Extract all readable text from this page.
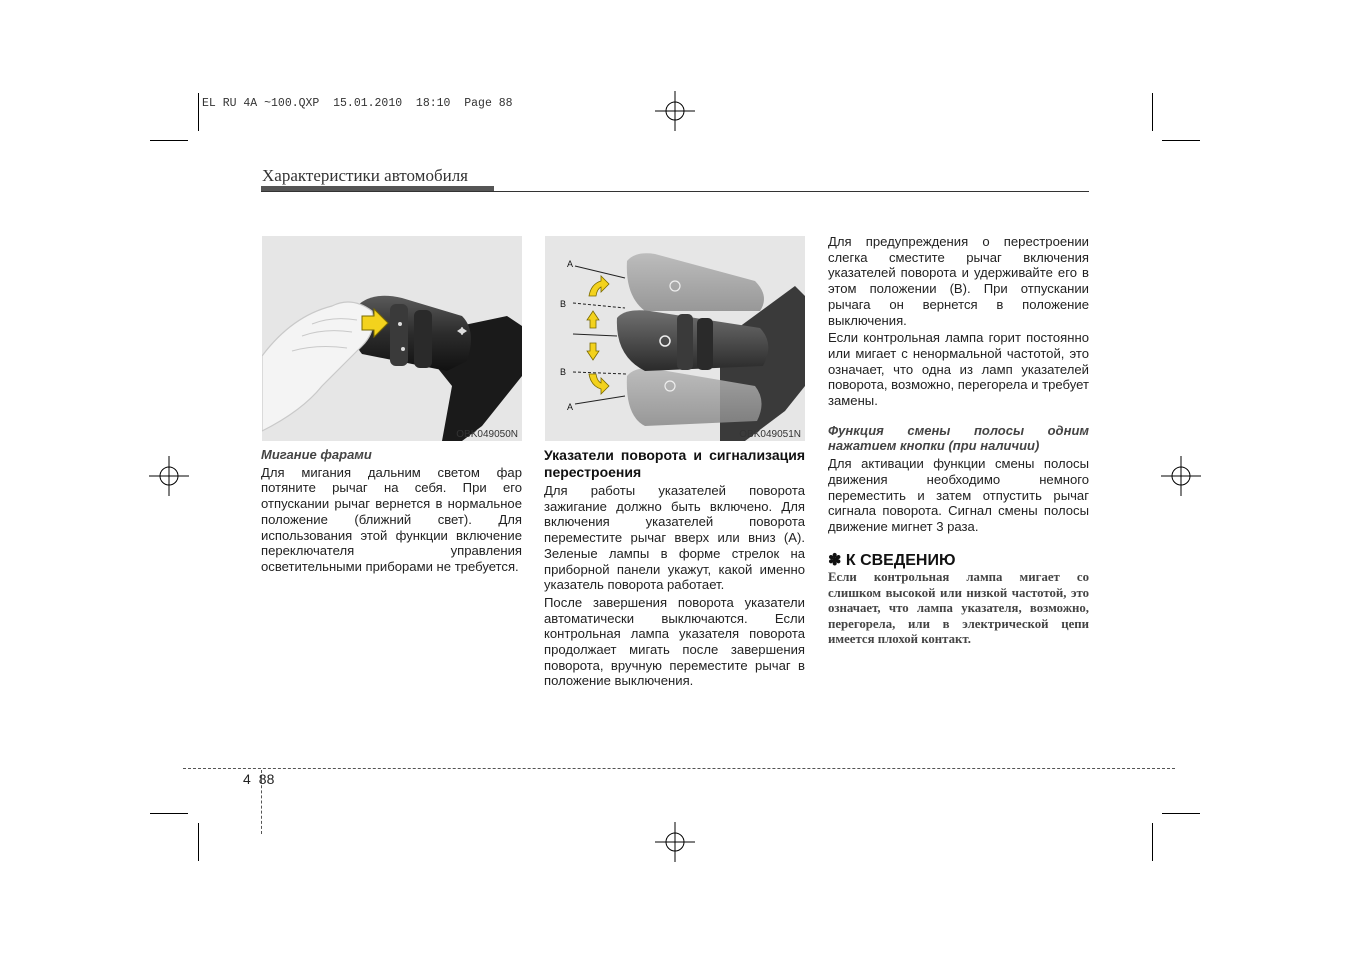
EL RU 4A ~100.QXP  15.01.2010  18:10  Page 88
Характеристики автомобиля
OBK049050N
A
B
B
A
OBK049051N

Мигание фарами

Для мигания дальним светом фар потяните рычаг на себя. При его отпускании рычаг вернется в нормальное положение (ближний свет). Для использования этой функции включение переключателя управления осветительными приборами не требуется.

Указатели поворота и сигнализация перестроения

Для работы указателей поворота зажигание должно быть включено. Для включения указателей поворота переместите рычаг вверх или вниз (A). Зеленые лампы в форме стрелок на приборной панели укажут, какой именно указатель поворота работает.

После завершения поворота указатели автоматически выключаются. Если контрольная лампа указателя поворота продолжает мигать после завершения поворота, вручную переместите рычаг в положение выключения.

Для предупреждения о перестроении слегка сместите рычаг включения указателей поворота и удерживайте его в этом положении (B). При отпускании рычага он вернется в положение выключения.

Если контрольная лампа горит постоянно или мигает с ненормальной частотой, это означает, что одна из ламп указателей поворота, возможно, перегорела и требует замены.

Функция смены полосы одним нажатием кнопки (при наличии)

Для активации функции смены полосы движения необходимо немного переместить и затем отпустить рычаг сигнала поворота. Сигнал смены полосы движение мигнет 3 раза.

✽ К СВЕДЕНИЮ

Если контрольная лампа мигает со слишком высокой или низкой частотой, это означает, что лампа указателя, возможно, перегорела, или в электрической цепи имеется плохой контакт.

4 88
